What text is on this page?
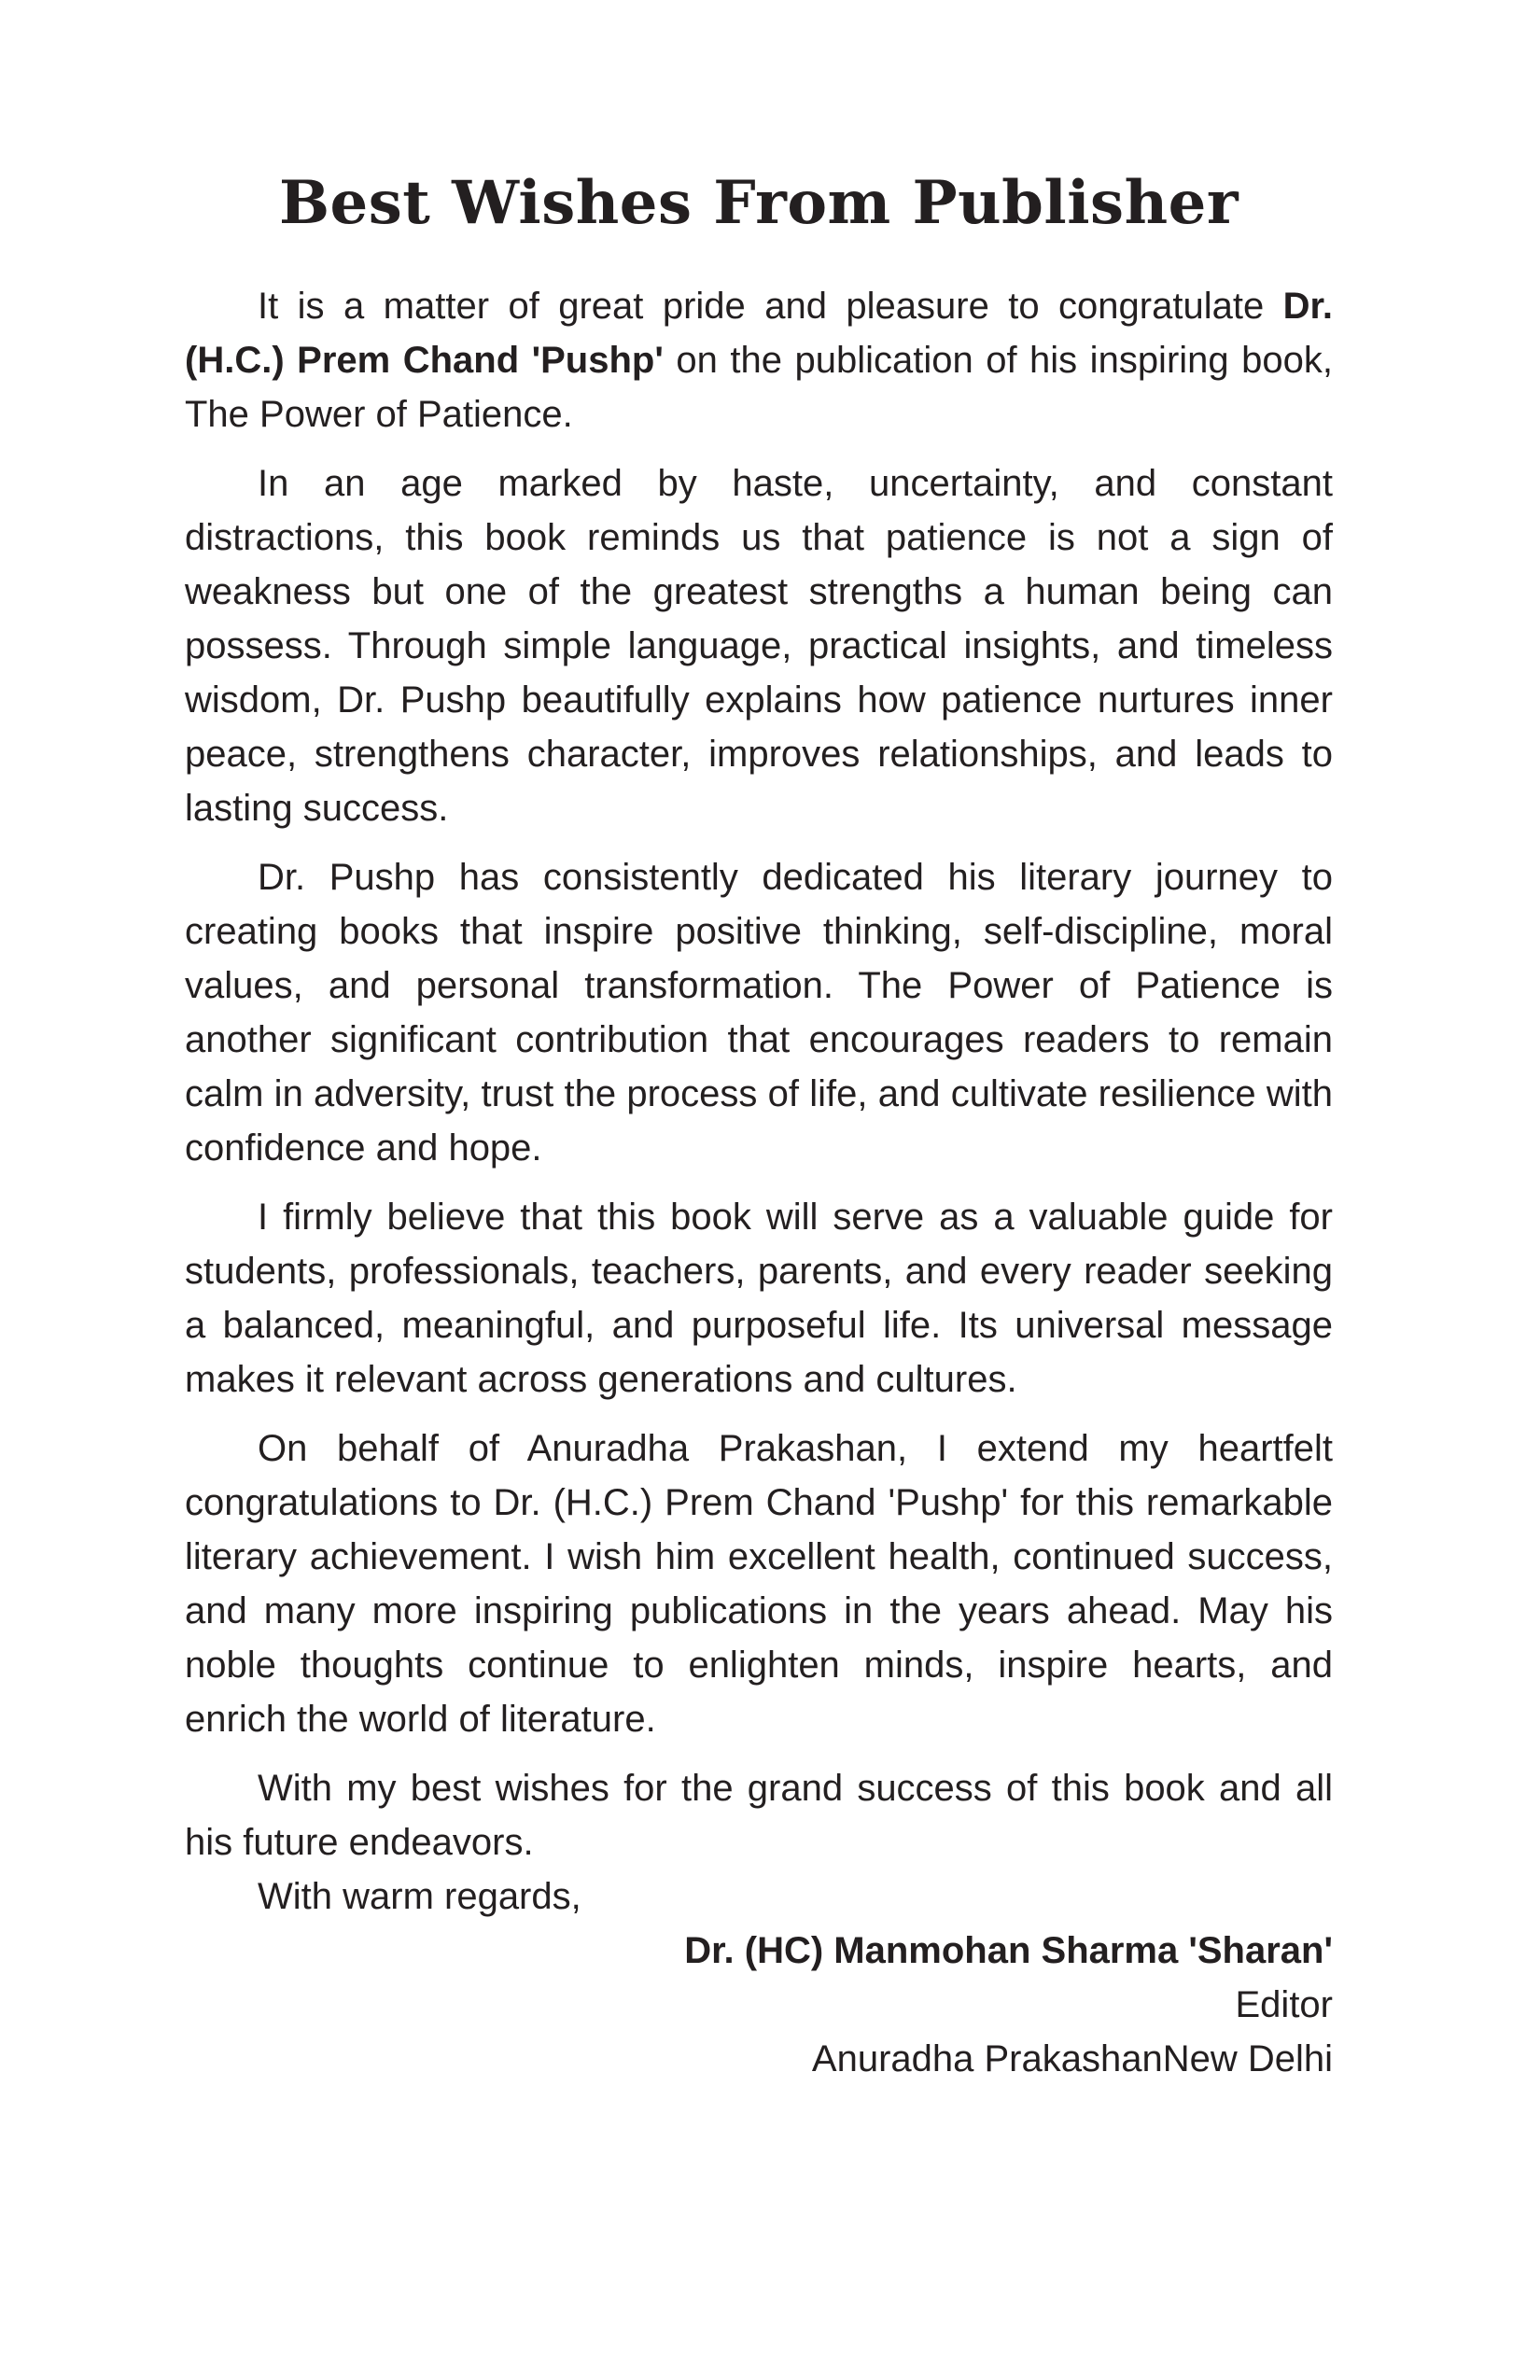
Best Wishes From Publisher

It is a matter of great pride and pleasure to congratulate Dr. (H.C.) Prem Chand 'Pushp' on the publication of his inspiring book, The Power of Patience.

In an age marked by haste, uncertainty, and constant distractions, this book reminds us that patience is not a sign of weakness but one of the greatest strengths a human being can possess. Through simple language, practical insights, and timeless wisdom, Dr. Pushp beautifully explains how patience nurtures inner peace, strengthens character, improves relationships, and leads to lasting success.

Dr. Pushp has consistently dedicated his literary journey to creating books that inspire positive thinking, self-discipline, moral values, and personal transformation. The Power of Patience is another significant contribution that encourages readers to remain calm in adversity, trust the process of life, and cultivate resilience with confidence and hope.

I firmly believe that this book will serve as a valuable guide for students, professionals, teachers, parents, and every reader seeking a balanced, meaningful, and purposeful life. Its universal message makes it relevant across generations and cultures.

On behalf of Anuradha Prakashan, I extend my heartfelt congratulations to Dr. (H.C.) Prem Chand 'Pushp' for this remarkable literary achievement. I wish him excellent health, continued success, and many more inspiring publications in the years ahead. May his noble thoughts continue to enlighten minds, inspire hearts, and enrich the world of literature.

With my best wishes for the grand success of this book and all his future endeavors.

With warm regards,

Dr. (HC) Manmohan Sharma 'Sharan'

Editor

Anuradha PrakashanNew Delhi
